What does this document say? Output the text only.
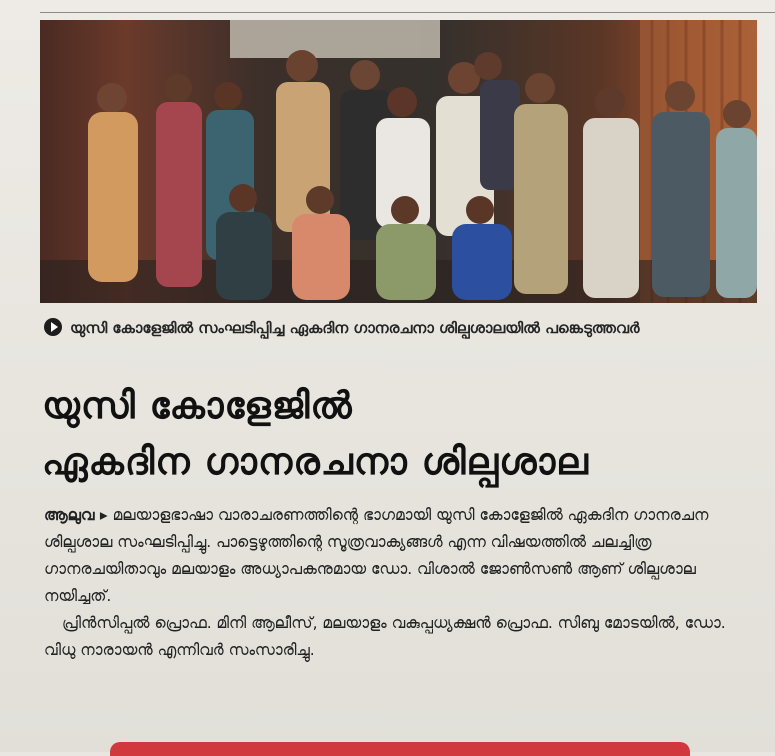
യുസി കോളേജിൽ സംഘടിപ്പിച്ച ഏകദിന ഗാനരചനാ ശില്പശാലയിൽ പങ്കെടുത്തവർ
യുസി കോളേജിൽ
ഏകദിന ഗാനരചനാ ശില്പശാല

ആലുവ ▸ മലയാളഭാഷാ വാരാചരണത്തിന്റെ ഭാഗമായി യുസി കോളേജിൽ ഏകദിന ഗാനരചന ശില്പശാല സംഘടിപ്പിച്ചു. പാട്ടെഴുത്തിന്റെ സൂത്രവാക്യങ്ങൾ എന്ന വിഷയത്തിൽ ചലച്ചിത്ര ഗാനരചയിതാവും മലയാളം അധ്യാപകനുമായ ഡോ. വിശാൽ ജോൺസൺ ആണ് ശില്പശാല നയിച്ചത്.

പ്രിൻസിപ്പൽ പ്രൊഫ. മിനി ആലീസ്, മലയാളം വകുപ്പധ്യക്ഷൻ പ്രൊഫ. സിബു മോടയിൽ, ഡോ. വിധു നാരായൻ എന്നിവർ സംസാരിച്ചു.
